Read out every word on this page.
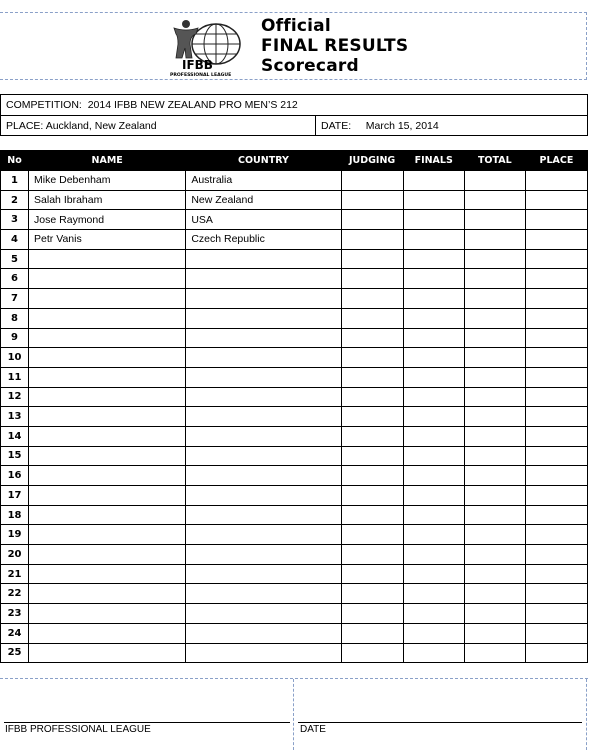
IFBB
PROFESSIONAL LEAGUE
Official
FINAL RESULTS
Scorecard
COMPETITION: 2014 IFBB NEW ZEALAND PRO MEN’S 212
PLACE: Auckland, New Zealand	DATE: March 15, 2014
No	NAME	COUNTRY	JUDGING	FINALS	TOTAL	PLACE
1	Mike Debenham	Australia				
2	Salah Ibraham	New Zealand				
3	Jose Raymond	USA				
4	Petr Vanis	Czech Republic				
5						
6						
7						
8						
9						
10						
11						
12						
13						
14						
15						
16						
17						
18						
19						
20						
21						
22						
23						
24						
25						
IFBB PROFESSIONAL LEAGUE	DATE
